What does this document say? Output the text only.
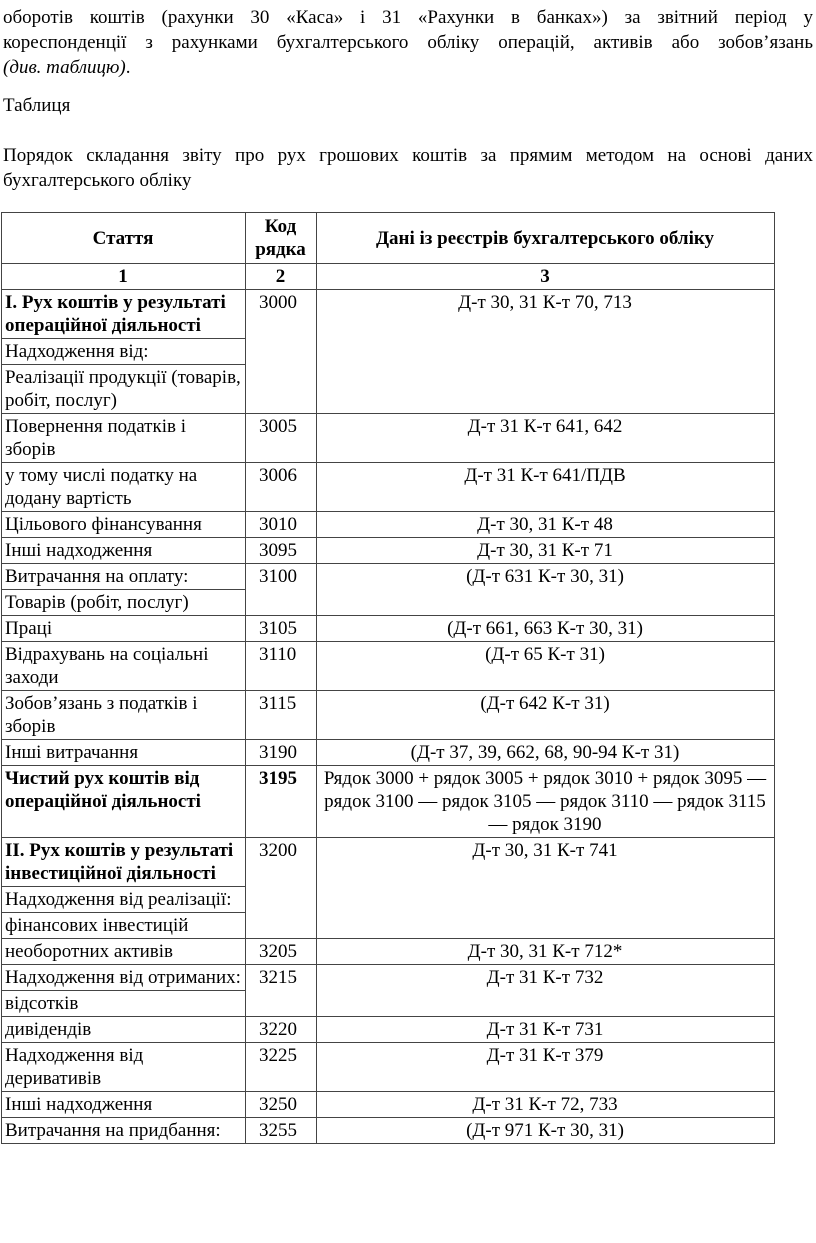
оборотів коштів (рахунки 30 «Каса» і 31 «Рахунки в банках») за звітний період у
кореспонденції з рахунками бухгалтерського обліку операцій, активів або зобов’язань
(див. таблицю).
Таблиця
Порядок складання звіту про рух грошових коштів за прямим методом на основі даних бухгалтерського обліку
Стаття	Код рядка	Дані із реєстрів бухгалтерського обліку
1	2	3
І. Рух коштів у результаті операційної діяльності	3000	Д-т 30, 31 К-т 70, 713
Надходження від:		
Реалізації продукції (товарів, робіт, послуг)		
Повернення податків і зборів	3005	Д-т 31 К-т 641, 642
у тому числі податку на додану вартість	3006	Д-т 31 К-т 641/ПДВ
Цільового фінансування	3010	Д-т 30, 31 К-т 48
Інші надходження	3095	Д-т 30, 31 К-т 71
Витрачання на оплату:	3100	(Д-т 631 К-т 30, 31)
Товарів (робіт, послуг)		
Праці	3105	(Д-т 661, 663 К-т 30, 31)
Відрахувань на соціальні заходи	3110	(Д-т 65 К-т 31)
Зобов’язань з податків і зборів	3115	(Д-т 642 К-т 31)
Інші витрачання	3190	(Д-т 37, 39, 662, 68, 90-94 К-т 31)
Чистий рух коштів від операційної діяльності	3195	Рядок 3000 + рядок 3005 + рядок 3010 + рядок 3095 — рядок 3100 — рядок 3105 — рядок 3110 — рядок 3115 — рядок 3190
ІІ. Рух коштів у результаті інвестиційної діяльності	3200	Д-т 30, 31 К-т 741
Надходження від реалізації:		
фінансових інвестицій		
необоротних активів	3205	Д-т 30, 31 К-т 712*
Надходження від отриманих:	3215	Д-т 31 К-т 732
відсотків		
дивідендів	3220	Д-т 31 К-т 731
Надходження від деривативів	3225	Д-т 31 К-т 379
Інші надходження	3250	Д-т 31 К-т 72, 733
Витрачання на придбання:	3255	(Д-т 971 К-т 30, 31)
